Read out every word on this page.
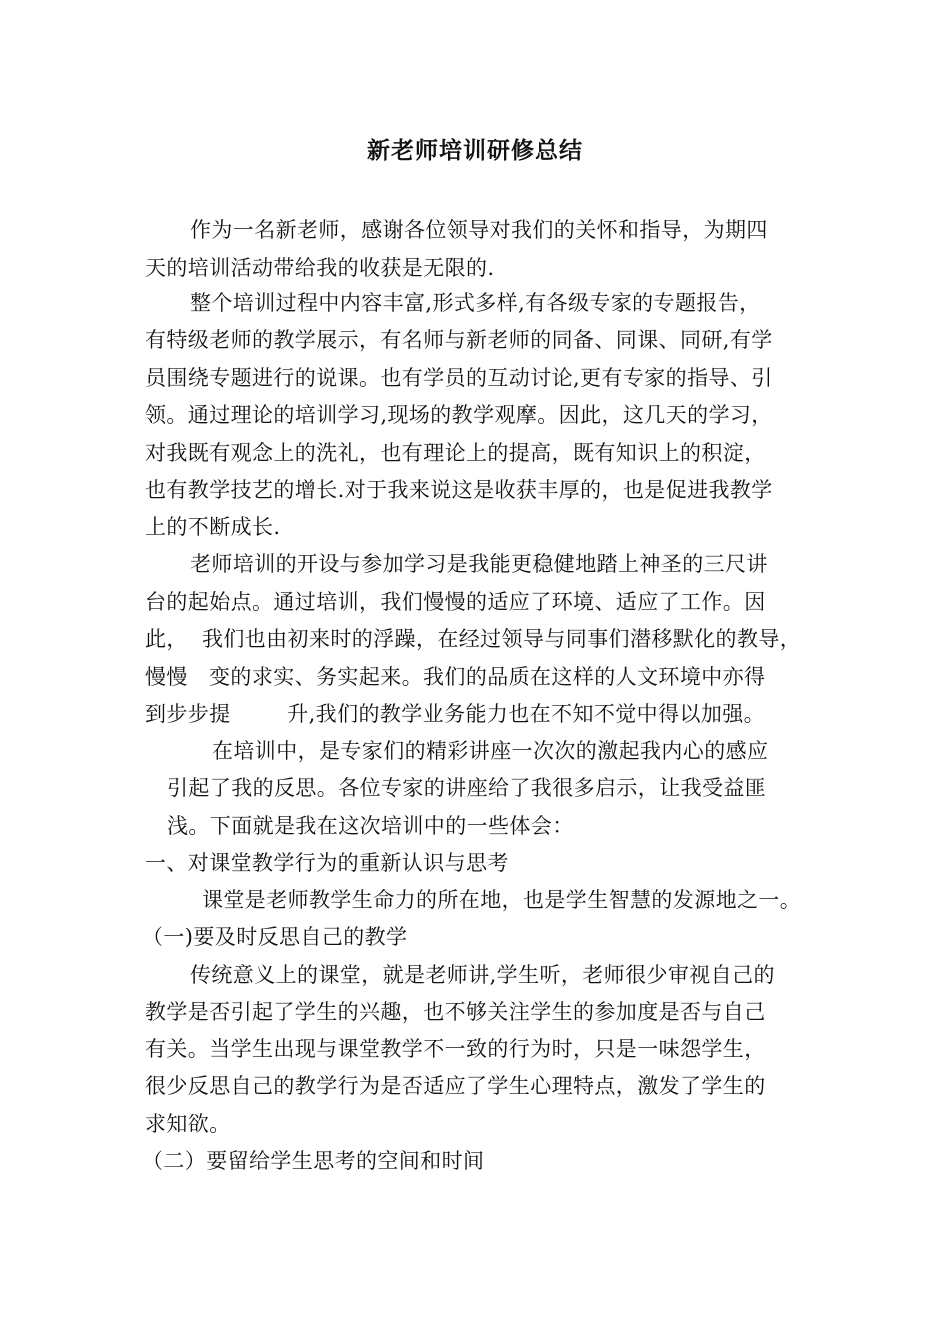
新老师培训研修总结
作为一名新老师，感谢各位领导对我们的关怀和指导，为期四
天的培训活动带给我的收获是无限的.
整个培训过程中内容丰富,形式多样,有各级专家的专题报告，
有特级老师的教学展示，有名师与新老师的同备、同课、同研,有学
员围绕专题进行的说课。也有学员的互动讨论,更有专家的指导、引
领。通过理论的培训学习,现场的教学观摩。因此，这几天的学习，
对我既有观念上的洗礼，也有理论上的提高，既有知识上的积淀，
也有教学技艺的增长.对于我来说这是收获丰厚的，也是促进我教学
上的不断成长.
老师培训的开设与参加学习是我能更稳健地踏上神圣的三尺讲
台的起始点。通过培训，我们慢慢的适应了环境、适应了工作。因
此，  我们也由初来时的浮躁，在经过领导与同事们潜移默化的教导，
慢慢   变的求实、务实起来。我们的品质在这样的人文环境中亦得
到步步提        升,我们的教学业务能力也在不知不觉中得以加强。
在培训中，是专家们的精彩讲座一次次的激起我内心的感应
引起了我的反思。各位专家的讲座给了我很多启示，让我受益匪
浅。下面就是我在这次培训中的一些体会：
一、对课堂教学行为的重新认识与思考
课堂是老师教学生命力的所在地，也是学生智慧的发源地之一。
（一)要及时反思自己的教学
传统意义上的课堂，就是老师讲,学生听，老师很少审视自己的
教学是否引起了学生的兴趣，也不够关注学生的参加度是否与自己
有关。当学生出现与课堂教学不一致的行为时，只是一味怨学生，
很少反思自己的教学行为是否适应了学生心理特点，激发了学生的
求知欲。
（二）要留给学生思考的空间和时间
